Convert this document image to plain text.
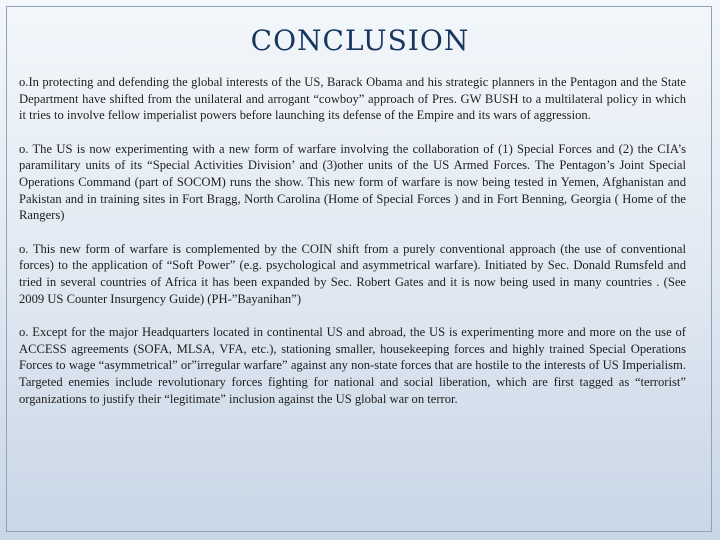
CONCLUSION

o.In protecting and defending the global interests of the US, Barack Obama and his strategic planners in the Pentagon and the State Department have shifted from the unilateral and arrogant “cowboy” approach of Pres. GW BUSH to a multilateral policy in which it tries to involve fellow imperialist powers before launching its defense of the Empire and its wars of aggression.

o. The US is now experimenting with a new form of warfare involving the collaboration of (1) Special Forces and (2) the CIA’s paramilitary units of its “Special Activities Division’ and (3)other units of the US Armed Forces. The Pentagon’s Joint Special Operations Command (part of SOCOM) runs the show. This new form of warfare is now being tested in Yemen, Afghanistan and Pakistan and in training sites in Fort Bragg, North Carolina (Home of Special Forces ) and in Fort Benning, Georgia ( Home of the Rangers)

o. This new form of warfare is complemented by the COIN shift from a purely conventional approach (the use of conventional forces) to the application of “Soft Power” (e.g. psychological and asymmetrical warfare). Initiated by Sec. Donald Rumsfeld and tried in several countries of Africa it has been expanded by Sec. Robert Gates and it is now being used in many countries . (See 2009 US Counter Insurgency Guide) (PH-”Bayanihan”)

o. Except for the major Headquarters located in continental US and abroad, the US is experimenting more and more on the use of ACCESS agreements (SOFA, MLSA, VFA, etc.), stationing smaller, housekeeping forces and highly trained Special Operations Forces to wage “asymmetrical” or”irregular warfare” against any non-state forces that are hostile to the interests of US Imperialism. Targeted enemies include revolutionary forces fighting for national and social liberation, which are first tagged as “terrorist” organizations to justify their “legitimate” inclusion against the US global war on terror.
